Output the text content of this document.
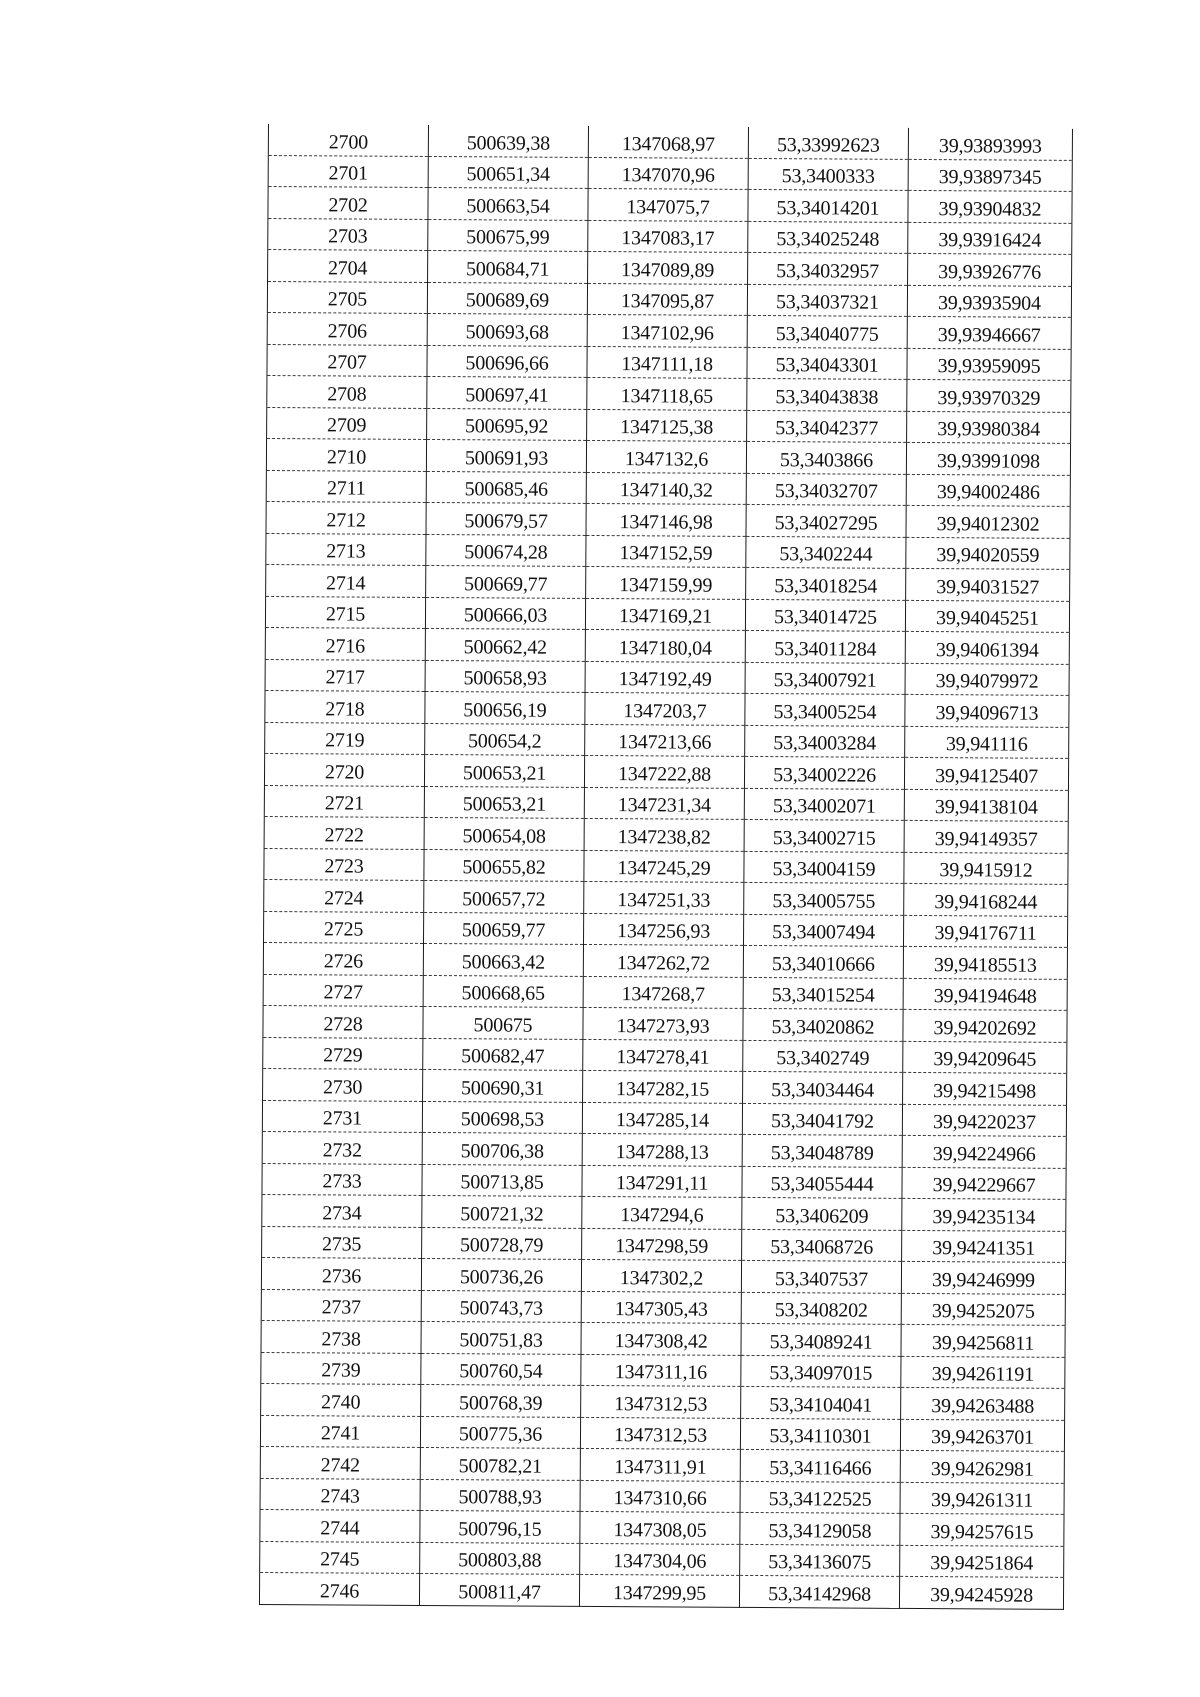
2700	500639,38	1347068,97	53,33992623	39,93893993
2701	500651,34	1347070,96	53,3400333	39,93897345
2702	500663,54	1347075,7	53,34014201	39,93904832
2703	500675,99	1347083,17	53,34025248	39,93916424
2704	500684,71	1347089,89	53,34032957	39,93926776
2705	500689,69	1347095,87	53,34037321	39,93935904
2706	500693,68	1347102,96	53,34040775	39,93946667
2707	500696,66	1347111,18	53,34043301	39,93959095
2708	500697,41	1347118,65	53,34043838	39,93970329
2709	500695,92	1347125,38	53,34042377	39,93980384
2710	500691,93	1347132,6	53,3403866	39,93991098
2711	500685,46	1347140,32	53,34032707	39,94002486
2712	500679,57	1347146,98	53,34027295	39,94012302
2713	500674,28	1347152,59	53,3402244	39,94020559
2714	500669,77	1347159,99	53,34018254	39,94031527
2715	500666,03	1347169,21	53,34014725	39,94045251
2716	500662,42	1347180,04	53,34011284	39,94061394
2717	500658,93	1347192,49	53,34007921	39,94079972
2718	500656,19	1347203,7	53,34005254	39,94096713
2719	500654,2	1347213,66	53,34003284	39,941116
2720	500653,21	1347222,88	53,34002226	39,94125407
2721	500653,21	1347231,34	53,34002071	39,94138104
2722	500654,08	1347238,82	53,34002715	39,94149357
2723	500655,82	1347245,29	53,34004159	39,9415912
2724	500657,72	1347251,33	53,34005755	39,94168244
2725	500659,77	1347256,93	53,34007494	39,94176711
2726	500663,42	1347262,72	53,34010666	39,94185513
2727	500668,65	1347268,7	53,34015254	39,94194648
2728	500675	1347273,93	53,34020862	39,94202692
2729	500682,47	1347278,41	53,3402749	39,94209645
2730	500690,31	1347282,15	53,34034464	39,94215498
2731	500698,53	1347285,14	53,34041792	39,94220237
2732	500706,38	1347288,13	53,34048789	39,94224966
2733	500713,85	1347291,11	53,34055444	39,94229667
2734	500721,32	1347294,6	53,3406209	39,94235134
2735	500728,79	1347298,59	53,34068726	39,94241351
2736	500736,26	1347302,2	53,3407537	39,94246999
2737	500743,73	1347305,43	53,3408202	39,94252075
2738	500751,83	1347308,42	53,34089241	39,94256811
2739	500760,54	1347311,16	53,34097015	39,94261191
2740	500768,39	1347312,53	53,34104041	39,94263488
2741	500775,36	1347312,53	53,34110301	39,94263701
2742	500782,21	1347311,91	53,34116466	39,94262981
2743	500788,93	1347310,66	53,34122525	39,94261311
2744	500796,15	1347308,05	53,34129058	39,94257615
2745	500803,88	1347304,06	53,34136075	39,94251864
2746	500811,47	1347299,95	53,34142968	39,94245928
